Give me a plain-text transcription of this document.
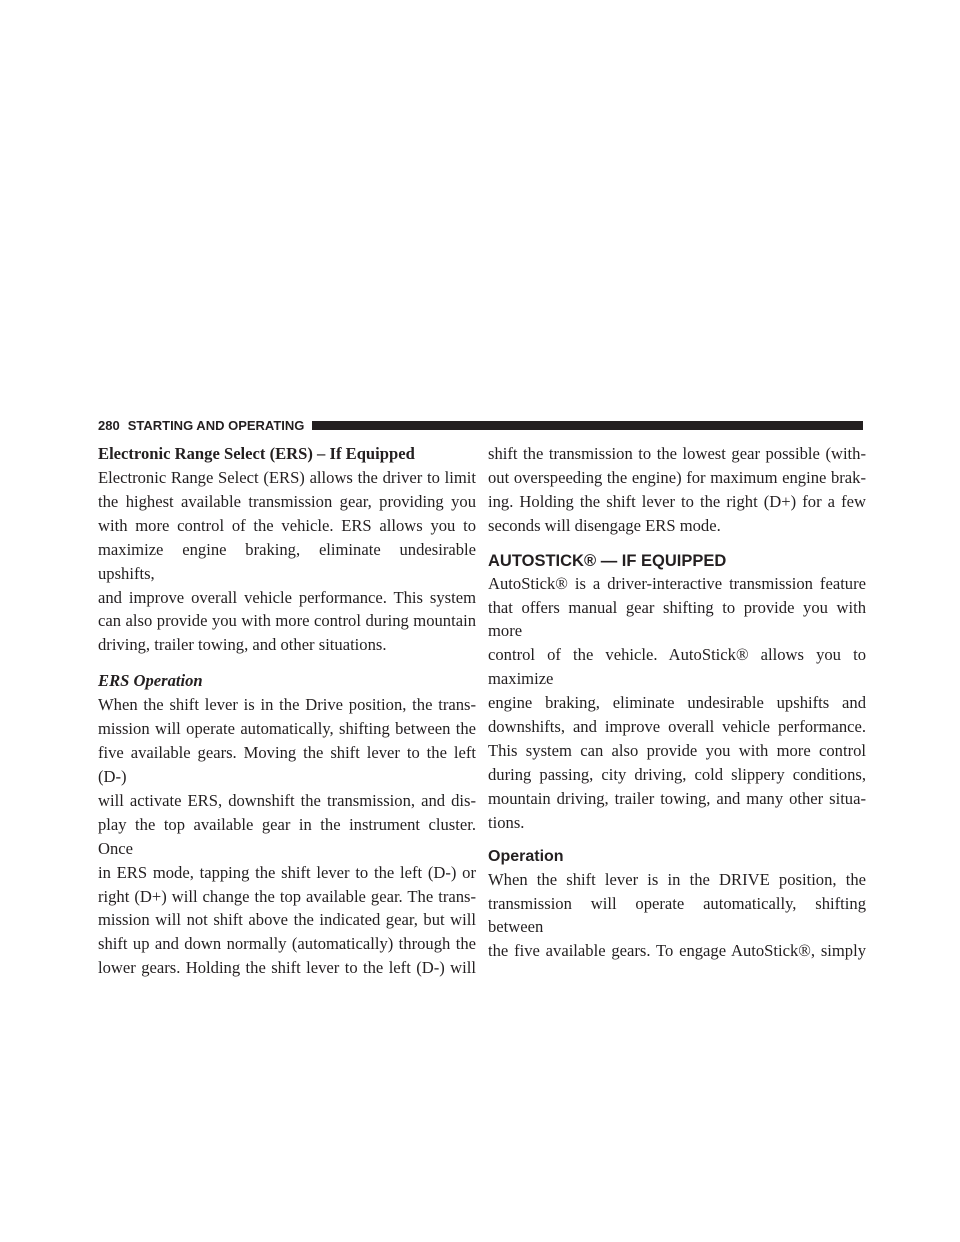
280 STARTING AND OPERATING
Electronic Range Select (ERS) – If Equipped

Electronic Range Select (ERS) allows the driver to limit

the highest available transmission gear, providing you

with more control of the vehicle. ERS allows you to

maximize engine braking, eliminate undesirable upshifts,

and improve overall vehicle performance. This system

can also provide you with more control during mountain

driving, trailer towing, and other situations.

ERS Operation

When the shift lever is in the Drive position, the trans-

mission will operate automatically, shifting between the

five available gears. Moving the shift lever to the left (D-)

will activate ERS, downshift the transmission, and dis-

play the top available gear in the instrument cluster. Once

in ERS mode, tapping the shift lever to the left (D-) or

right (D+) will change the top available gear. The trans-

mission will not shift above the indicated gear, but will

shift up and down normally (automatically) through the

lower gears. Holding the shift lever to the left (D-) will

shift the transmission to the lowest gear possible (with-

out overspeeding the engine) for maximum engine brak-

ing. Holding the shift lever to the right (D+) for a few

seconds will disengage ERS mode.

AUTOSTICK® — IF EQUIPPED

AutoStick® is a driver-interactive transmission feature

that offers manual gear shifting to provide you with more

control of the vehicle. AutoStick® allows you to maximize

engine braking, eliminate undesirable upshifts and

downshifts, and improve overall vehicle performance.

This system can also provide you with more control

during passing, city driving, cold slippery conditions,

mountain driving, trailer towing, and many other situa-

tions.

Operation

When the shift lever is in the DRIVE position, the

transmission will operate automatically, shifting between

the five available gears. To engage AutoStick®, simply
